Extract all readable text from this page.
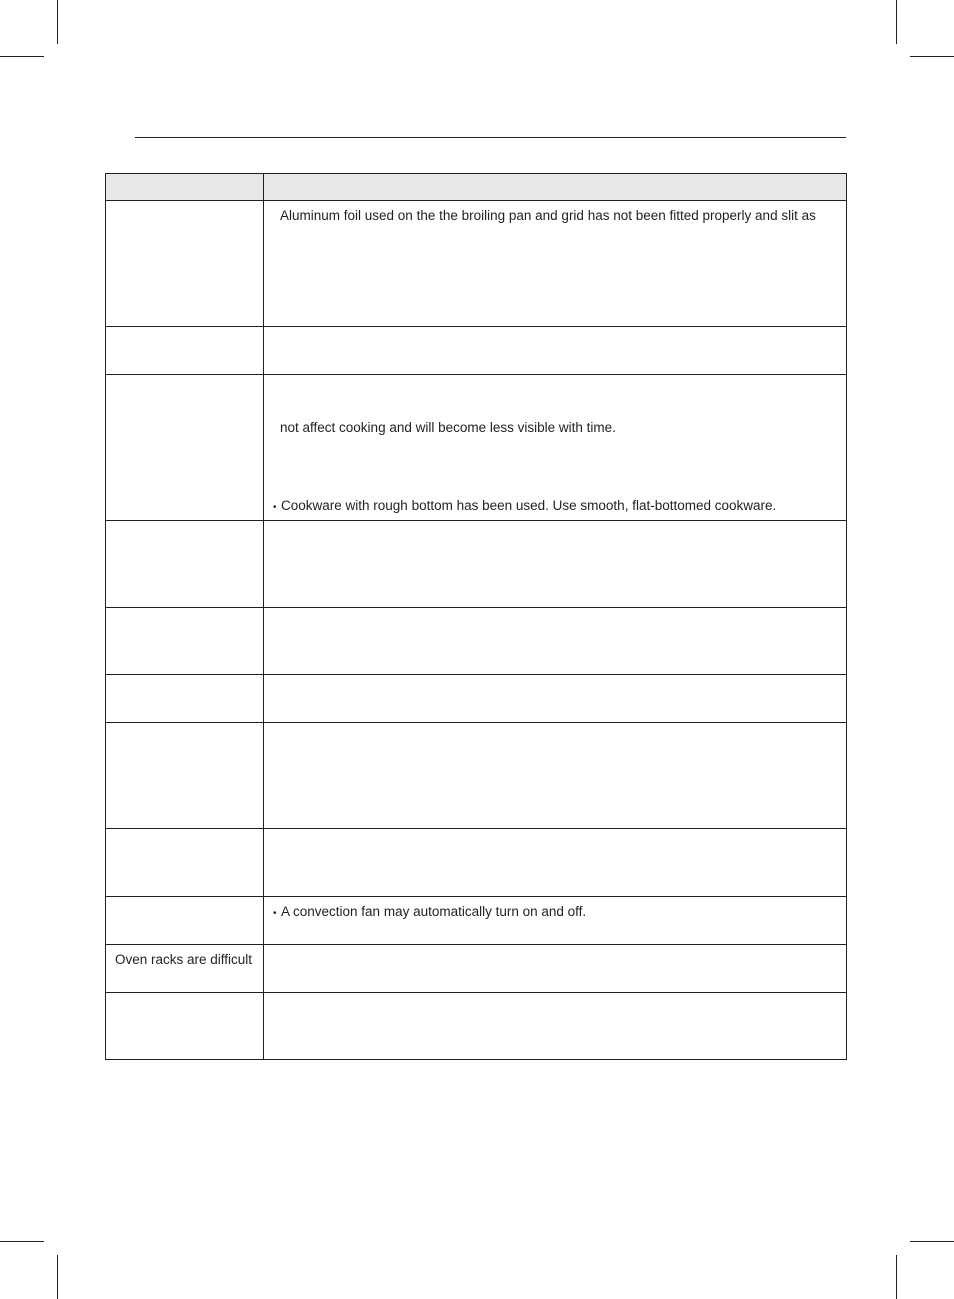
	Aluminum foil used on the the broiling pan and grid has not been fitted properly and slit as

	not affect cooking and will become less visible with time.
• Cookware with rough bottom has been used. Use smooth, flat-bottomed cookware.

	• A convection fan may automatically turn on and off.

Oven racks are difficult	
